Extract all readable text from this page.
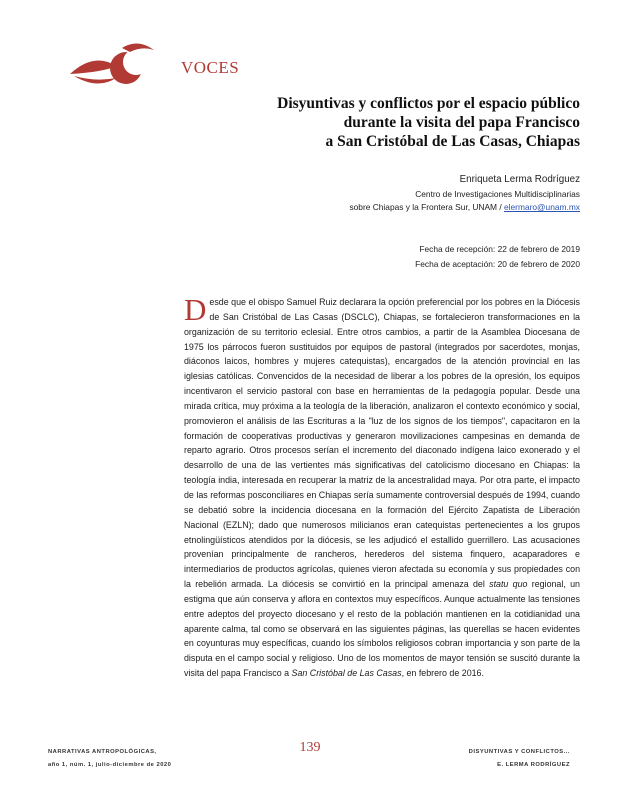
VOCES
Disyuntivas y conflictos por el espacio público
durante la visita del papa Francisco
a San Cristóbal de Las Casas, Chiapas
Enriqueta Lerma Rodríguez
Centro de Investigaciones Multidisciplinarias
sobre Chiapas y la Frontera Sur, UNAM / elermaro@unam.mx
Fecha de recepción: 22 de febrero de 2019
Fecha de aceptación: 20 de febrero de 2020
Desde que el obispo Samuel Ruiz declarara la opción preferencial por los pobres en la Diócesis de San Cristóbal de Las Casas (DSCLC), Chiapas, se fortalecieron transformaciones en la organización de su territorio eclesial. Entre otros cambios, a partir de la Asamblea Diocesana de 1975 los párrocos fueron sustituidos por equipos de pastoral (integrados por sacerdotes, monjas, diáconos laicos, hombres y mujeres catequistas), encargados de la atención provincial en las iglesias católicas. Convencidos de la necesidad de liberar a los pobres de la opresión, los equipos incentivaron el servicio pastoral con base en herramientas de la pedagogía popular. Desde una mirada crítica, muy próxima a la teología de la liberación, analizaron el contexto económico y social, promovieron el análisis de las Escrituras a la "luz de los signos de los tiempos", capacitaron en la formación de cooperativas productivas y generaron movilizaciones campesinas en demanda de reparto agrario. Otros procesos serían el incremento del diaconado indígena laico exonerado y el desarrollo de una de las vertientes más significativas del catolicismo diocesano en Chiapas: la teología india, interesada en recuperar la matriz de la ancestralidad maya. Por otra parte, el impacto de las reformas posconciliares en Chiapas sería sumamente controversial después de 1994, cuando se debatió sobre la incidencia diocesana en la formación del Ejército Zapatista de Liberación Nacional (EZLN); dado que numerosos milicianos eran catequistas pertenecientes a los grupos etnolingüísticos atendidos por la diócesis, se les adjudicó el estallido guerrillero. Las acusaciones provenían principalmente de rancheros, herederos del sistema finquero, acaparadores e intermediarios de productos agrícolas, quienes vieron afectada su economía y sus propiedades con la rebelión armada. La diócesis se convirtió en la principal amenaza del statu quo regional, un estigma que aún conserva y aflora en contextos muy específicos. Aunque actualmente las tensiones entre adeptos del proyecto diocesano y el resto de la población mantienen en la cotidianidad una aparente calma, tal como se observará en las siguientes páginas, las querellas se hacen evidentes en coyunturas muy específicas, cuando los símbolos religiosos cobran importancia y son parte de la disputa en el campo social y religioso. Uno de los momentos de mayor tensión se suscitó durante la visita del papa Francisco a San Cristóbal de Las Casas, en febrero de 2016.
NARRATIVAS ANTROPOLÓGICAS,
año 1, núm. 1, julio-diciembre de 2020
139	DISYUNTIVAS Y CONFLICTOS...
E. LERMA RODRÍGUEZ
